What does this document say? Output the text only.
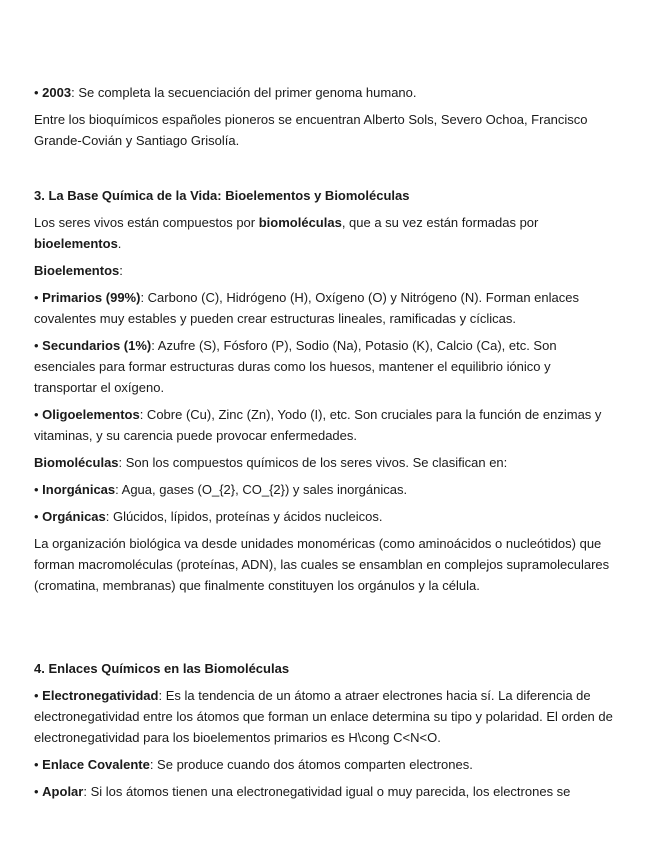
• 2003: Se completa la secuenciación del primer genoma humano.

Entre los bioquímicos españoles pioneros se encuentran Alberto Sols, Severo Ochoa, Francisco Grande-Covián y Santiago Grisolía.

3. La Base Química de la Vida: Bioelementos y Biomoléculas

Los seres vivos están compuestos por biomoléculas, que a su vez están formadas por bioelementos.

Bioelementos:

• Primarios (99%): Carbono (C), Hidrógeno (H), Oxígeno (O) y Nitrógeno (N). Forman enlaces covalentes muy estables y pueden crear estructuras lineales, ramificadas y cíclicas.

• Secundarios (1%): Azufre (S), Fósforo (P), Sodio (Na), Potasio (K), Calcio (Ca), etc. Son esenciales para formar estructuras duras como los huesos, mantener el equilibrio iónico y transportar el oxígeno.

• Oligoelementos: Cobre (Cu), Zinc (Zn), Yodo (I), etc. Son cruciales para la función de enzimas y vitaminas, y su carencia puede provocar enfermedades.

Biomoléculas: Son los compuestos químicos de los seres vivos. Se clasifican en:

• Inorgánicas: Agua, gases (O_{2}, CO_{2}) y sales inorgánicas.

• Orgánicas: Glúcidos, lípidos, proteínas y ácidos nucleicos.

La organización biológica va desde unidades monoméricas (como aminoácidos o nucleótidos) que forman macromoléculas (proteínas, ADN), las cuales se ensamblan en complejos supramoleculares (cromatina, membranas) que finalmente constituyen los orgánulos y la célula.

4. Enlaces Químicos en las Biomoléculas

• Electronegatividad: Es la tendencia de un átomo a atraer electrones hacia sí. La diferencia de electronegatividad entre los átomos que forman un enlace determina su tipo y polaridad. El orden de electronegatividad para los bioelementos primarios es H\cong C<N<O.

• Enlace Covalente: Se produce cuando dos átomos comparten electrones.

• Apolar: Si los átomos tienen una electronegatividad igual o muy parecida, los electrones se
